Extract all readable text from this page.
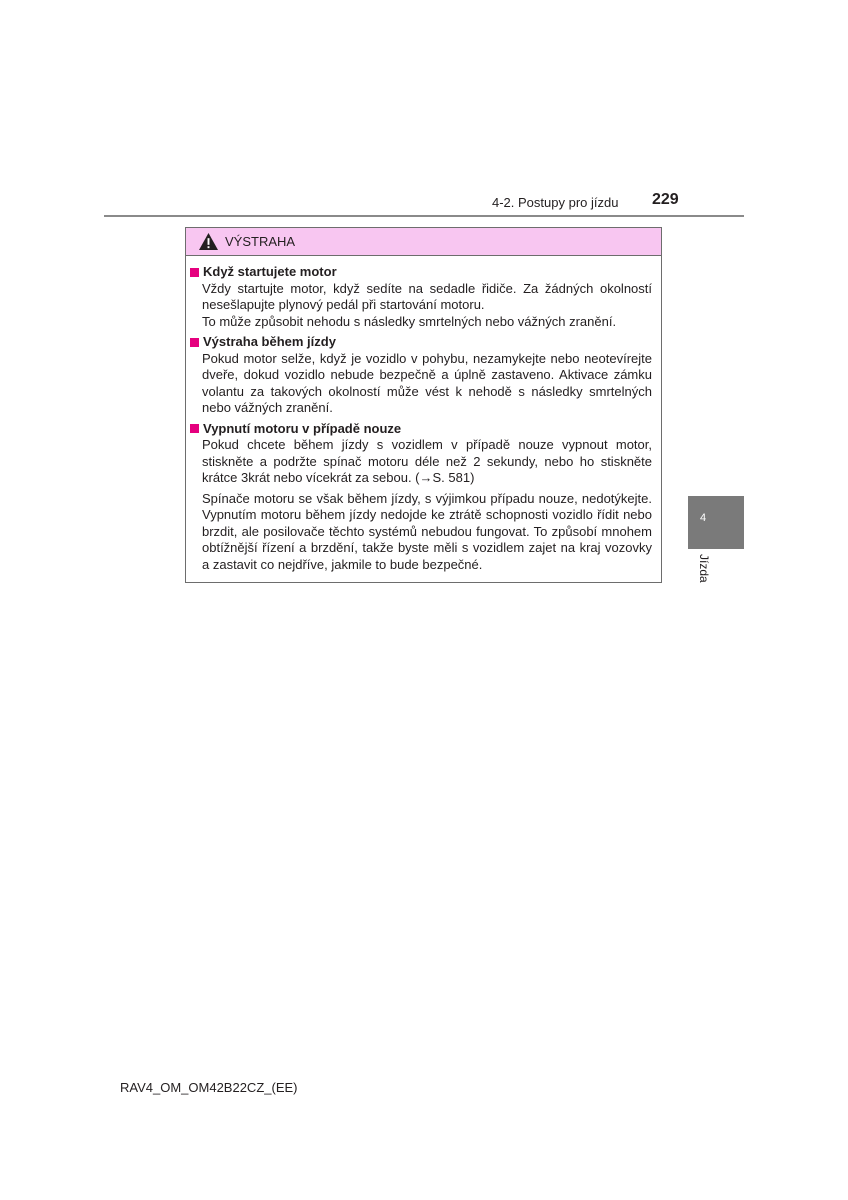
4-2. Postupy pro jízdu 229
4
Jízda
VÝSTRAHA
Když startujete motor
Vždy startujte motor, když sedíte na sedadle řidiče. Za žádných okolností nesešlapujte plynový pedál při startování motoru.
To může způsobit nehodu s následky smrtelných nebo vážných zranění.
Výstraha během jízdy
Pokud motor selže, když je vozidlo v pohybu, nezamykejte nebo neotevírejte dveře, dokud vozidlo nebude bezpečně a úplně zastaveno. Aktivace zámku volantu za takových okolností může vést k nehodě s následky smrtelných nebo vážných zranění.
Vypnutí motoru v případě nouze
Pokud chcete během jízdy s vozidlem v případě nouze vypnout motor, stiskněte a podržte spínač motoru déle než 2 sekundy, nebo ho stiskněte krátce 3krát nebo vícekrát za sebou. (→S. 581)
Spínače motoru se však během jízdy, s výjimkou případu nouze, nedotýkejte. Vypnutím motoru během jízdy nedojde ke ztrátě schopnosti vozidlo řídit nebo brzdit, ale posilovače těchto systémů nebudou fungovat. To způsobí mnohem obtížnější řízení a brzdění, takže byste měli s vozidlem zajet na kraj vozovky a zastavit co nejdříve, jakmile to bude bezpečné.
RAV4_OM_OM42B22CZ_(EE)
